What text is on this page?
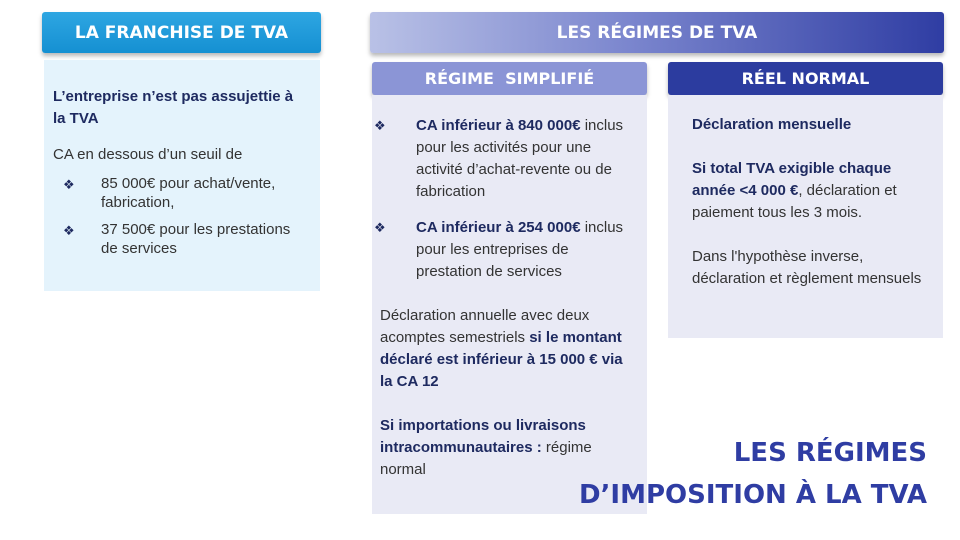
LA FRANCHISE DE TVA	LES RÉGIMES DE TVA
RÉGIME  SIMPLIFIÉ	RÉEL NORMAL

L’entreprise n’est pas assujettie à la TVA

CA en dessous d’un seuil de

❖ 85 000€ pour achat/vente, fabrication,
❖ 37 500€ pour les prestations de services
❖ CA inférieur à 840 000€ inclus pour les activités pour une activité d’achat-revente ou de fabrication
❖ CA inférieur à 254 000€ inclus pour les entreprises de prestation de services

Déclaration annuelle avec deux acomptes semestriels si le montant déclaré est inférieur à 15 000 € via la CA 12

Si importations ou livraisons intracommunautaires : régime normal

Déclaration mensuelle

Si total TVA exigible chaque année <4 000 €, déclaration et paiement tous les 3 mois.

Dans l'hypothèse inverse, déclaration et règlement mensuels

LES RÉGIMES
D’IMPOSITION À LA TVA
